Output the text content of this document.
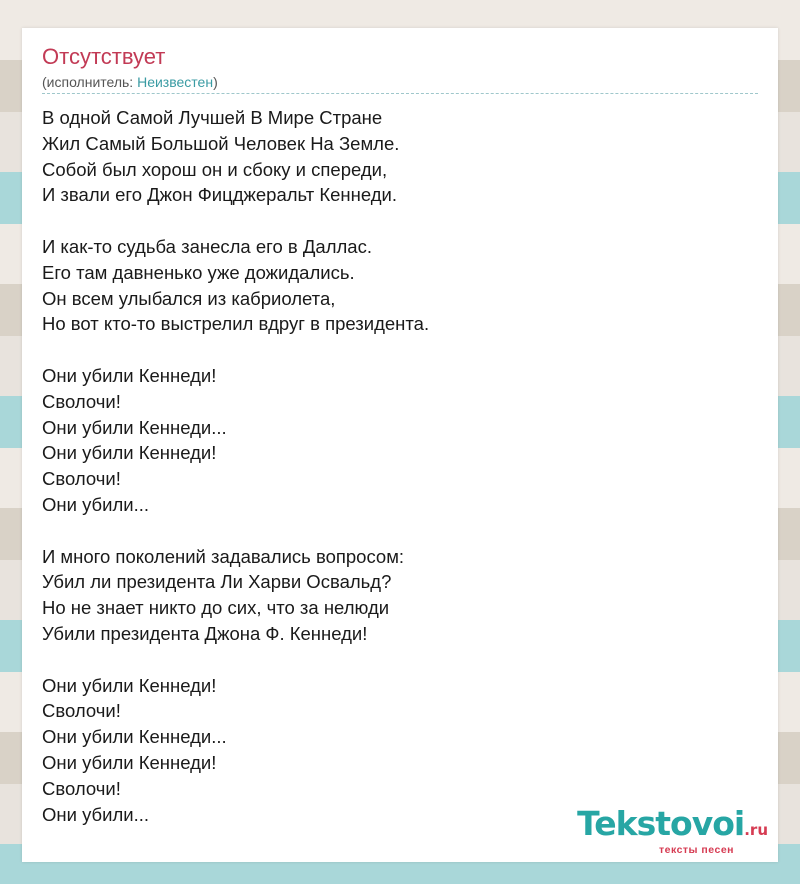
Отсутствует
(исполнитель: Неизвестен)
В одной Самой Лучшей В Мире Стране
Жил Самый Большой Человек На Земле.
Собой был хорош он и сбоку и спереди,
И звали его Джон Фицджеральт Кеннеди.
И как-то судьба занесла его в Даллас.
Его там давненько уже дожидались.
Он всем улыбался из кабриолета,
Но вот кто-то выстрелил вдруг в президента.
Они убили Кеннеди!
Сволочи!
Они убили Кеннеди...
Они убили Кеннеди!
Сволочи!
Они убили...
И много поколений задавались вопросом:
Убил ли президента Ли Харви Освальд?
Но не знает никто до сих, что за нелюди
Убили президента Джона Ф. Кеннеди!
Они убили Кеннеди!
Сволочи!
Они убили Кеннеди...
Они убили Кеннеди!
Сволочи!
Они убили...	Tekstovoi.ru
тексты песен
